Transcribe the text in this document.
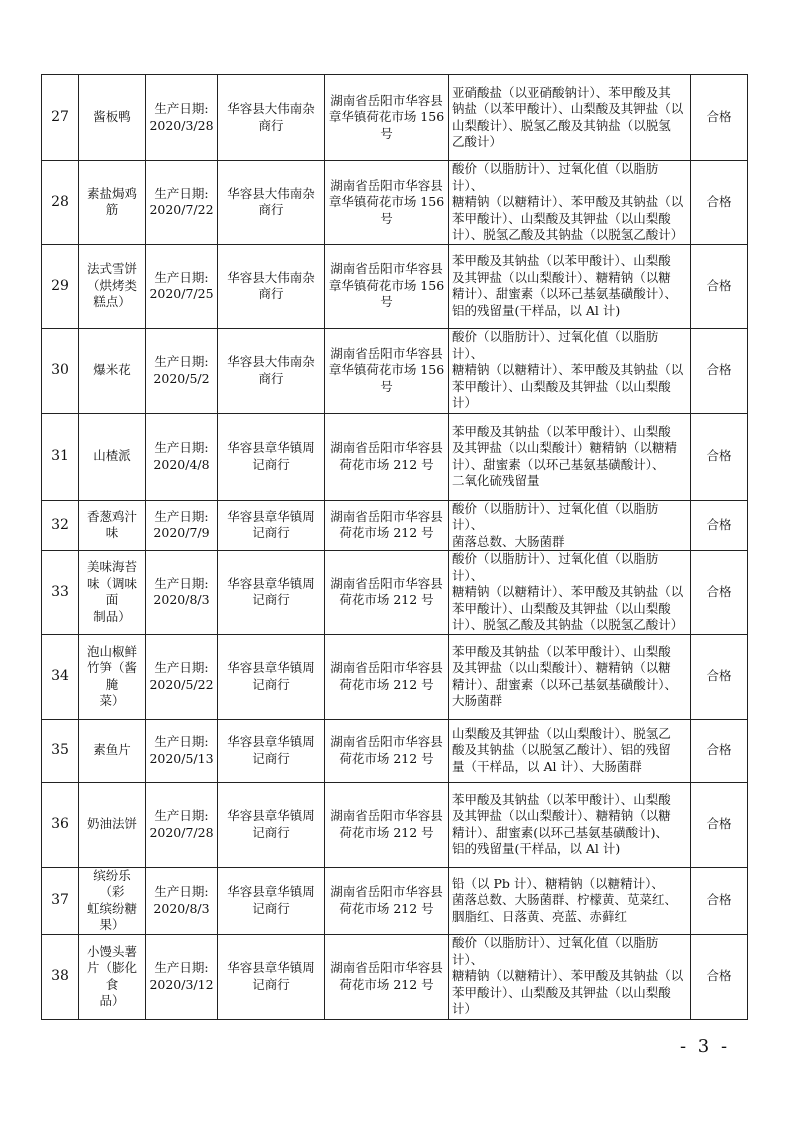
27	酱板鸭	生产日期:
2020/3/28	华容县大伟南杂
商行	湖南省岳阳市华容县
章华镇荷花市场 156
号	亚硝酸盐（以亚硝酸钠计）、苯甲酸及其
钠盐（以苯甲酸计）、山梨酸及其钾盐（以
山梨酸计）、脱氢乙酸及其钠盐（以脱氢
乙酸计）	合格
28	素盐焗鸡
筋	生产日期:
2020/7/22	华容县大伟南杂
商行	湖南省岳阳市华容县
章华镇荷花市场 156
号	酸价（以脂肪计）、过氧化值（以脂肪计）、
糖精钠（以糖精计）、苯甲酸及其钠盐（以
苯甲酸计）、山梨酸及其钾盐（以山梨酸
计）、脱氢乙酸及其钠盐（以脱氢乙酸计）	合格
29	法式雪饼
（烘烤类
糕点）	生产日期:
2020/7/25	华容县大伟南杂
商行	湖南省岳阳市华容县
章华镇荷花市场 156
号	苯甲酸及其钠盐（以苯甲酸计）、山梨酸
及其钾盐（以山梨酸计）、糖精钠（以糖
精计）、甜蜜素（以环己基氨基磺酸计）、
铝的残留量(干样品，以 Al 计)	合格
30	爆米花	生产日期:
2020/5/2	华容县大伟南杂
商行	湖南省岳阳市华容县
章华镇荷花市场 156
号	酸价（以脂肪计）、过氧化值（以脂肪计）、
糖精钠（以糖精计）、苯甲酸及其钠盐（以
苯甲酸计）、山梨酸及其钾盐（以山梨酸
计）	合格
31	山楂派	生产日期:
2020/4/8	华容县章华镇周
记商行	湖南省岳阳市华容县
荷花市场 212 号	苯甲酸及其钠盐（以苯甲酸计）、山梨酸
及其钾盐（以山梨酸计）糖精钠（以糖精
计）、甜蜜素（以环己基氨基磺酸计）、
二氧化硫残留量	合格
32	香葱鸡汁
味	生产日期:
2020/7/9	华容县章华镇周
记商行	湖南省岳阳市华容县
荷花市场 212 号	酸价（以脂肪计）、过氧化值（以脂肪计）、
菌落总数、大肠菌群	合格
33	美味海苔
味（调味面
制品）	生产日期:
2020/8/3	华容县章华镇周
记商行	湖南省岳阳市华容县
荷花市场 212 号	酸价（以脂肪计）、过氧化值（以脂肪计）、
糖精钠（以糖精计）、苯甲酸及其钠盐（以
苯甲酸计）、山梨酸及其钾盐（以山梨酸
计）、脱氢乙酸及其钠盐（以脱氢乙酸计）	合格
34	泡山椒鲜
竹笋（酱腌
菜）	生产日期:
2020/5/22	华容县章华镇周
记商行	湖南省岳阳市华容县
荷花市场 212 号	苯甲酸及其钠盐（以苯甲酸计）、山梨酸
及其钾盐（以山梨酸计）、糖精钠（以糖
精计）、甜蜜素（以环己基氨基磺酸计）、
大肠菌群	合格
35	素鱼片	生产日期:
2020/5/13	华容县章华镇周
记商行	湖南省岳阳市华容县
荷花市场 212 号	山梨酸及其钾盐（以山梨酸计）、脱氢乙
酸及其钠盐（以脱氢乙酸计）、铝的残留
量（干样品，以 Al 计）、大肠菌群	合格
36	奶油法饼	生产日期:
2020/7/28	华容县章华镇周
记商行	湖南省岳阳市华容县
荷花市场 212 号	苯甲酸及其钠盐（以苯甲酸计）、山梨酸
及其钾盐（以山梨酸计）、糖精钠（以糖
精计）、甜蜜素(以环己基氨基磺酸计)、
铝的残留量(干样品，以 Al 计)	合格
37	缤纷乐（彩
虹缤纷糖
果）	生产日期:
2020/8/3	华容县章华镇周
记商行	湖南省岳阳市华容县
荷花市场 212 号	铅（以 Pb 计）、糖精钠（以糖精计）、
菌落总数、大肠菌群、柠檬黄、苋菜红、
胭脂红、日落黄、亮蓝、赤藓红	合格
38	小馒头薯
片（膨化食
品）	生产日期:
2020/3/12	华容县章华镇周
记商行	湖南省岳阳市华容县
荷花市场 212 号	酸价（以脂肪计）、过氧化值（以脂肪计）、
糖精钠（以糖精计）、苯甲酸及其钠盐（以
苯甲酸计）、山梨酸及其钾盐（以山梨酸
计）	合格
- 3 -
